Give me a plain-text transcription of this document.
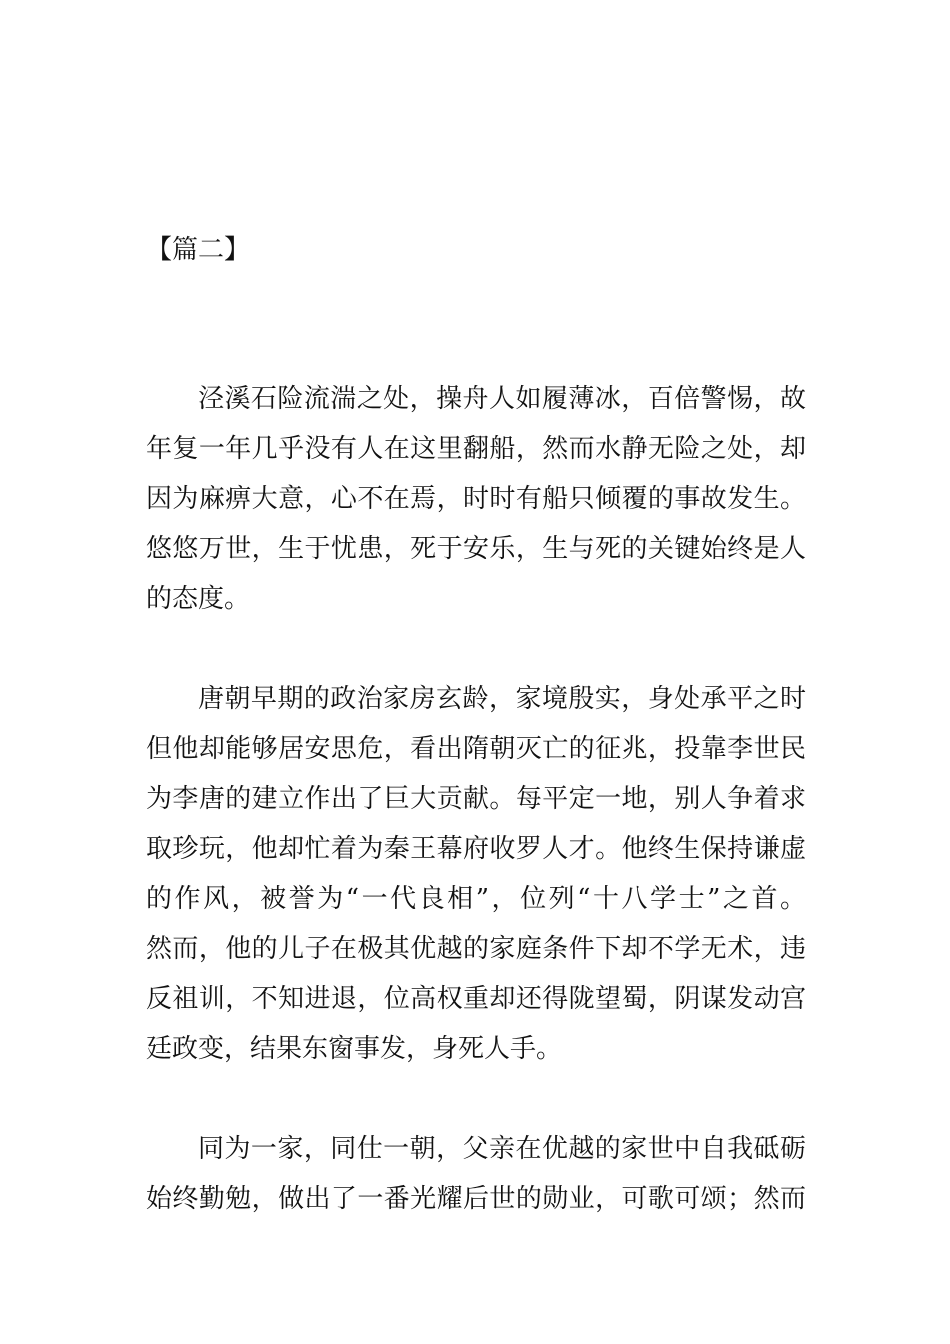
【篇二】
泾溪石险流湍之处，操舟人如履薄冰，百倍警惕，故
年复一年几乎没有人在这里翻船，然而水静无险之处，却
因为麻痹大意，心不在焉，时时有船只倾覆的事故发生。
悠悠万世，生于忧患，死于安乐，生与死的关键始终是人
的态度。
唐朝早期的政治家房玄龄，家境殷实，身处承平之时
但他却能够居安思危，看出隋朝灭亡的征兆，投靠李世民
为李唐的建立作出了巨大贡献。每平定一地，别人争着求
取珍玩，他却忙着为秦王幕府收罗人才。他终生保持谦虚
的作风，被誉为“一代良相”，位列“十八学士”之首。
然而，他的儿子在极其优越的家庭条件下却不学无术，违
反祖训，不知进退，位高权重却还得陇望蜀，阴谋发动宫
廷政变，结果东窗事发，身死人手。
同为一家，同仕一朝，父亲在优越的家世中自我砥砺
始终勤勉，做出了一番光耀后世的勋业，可歌可颂；然而
